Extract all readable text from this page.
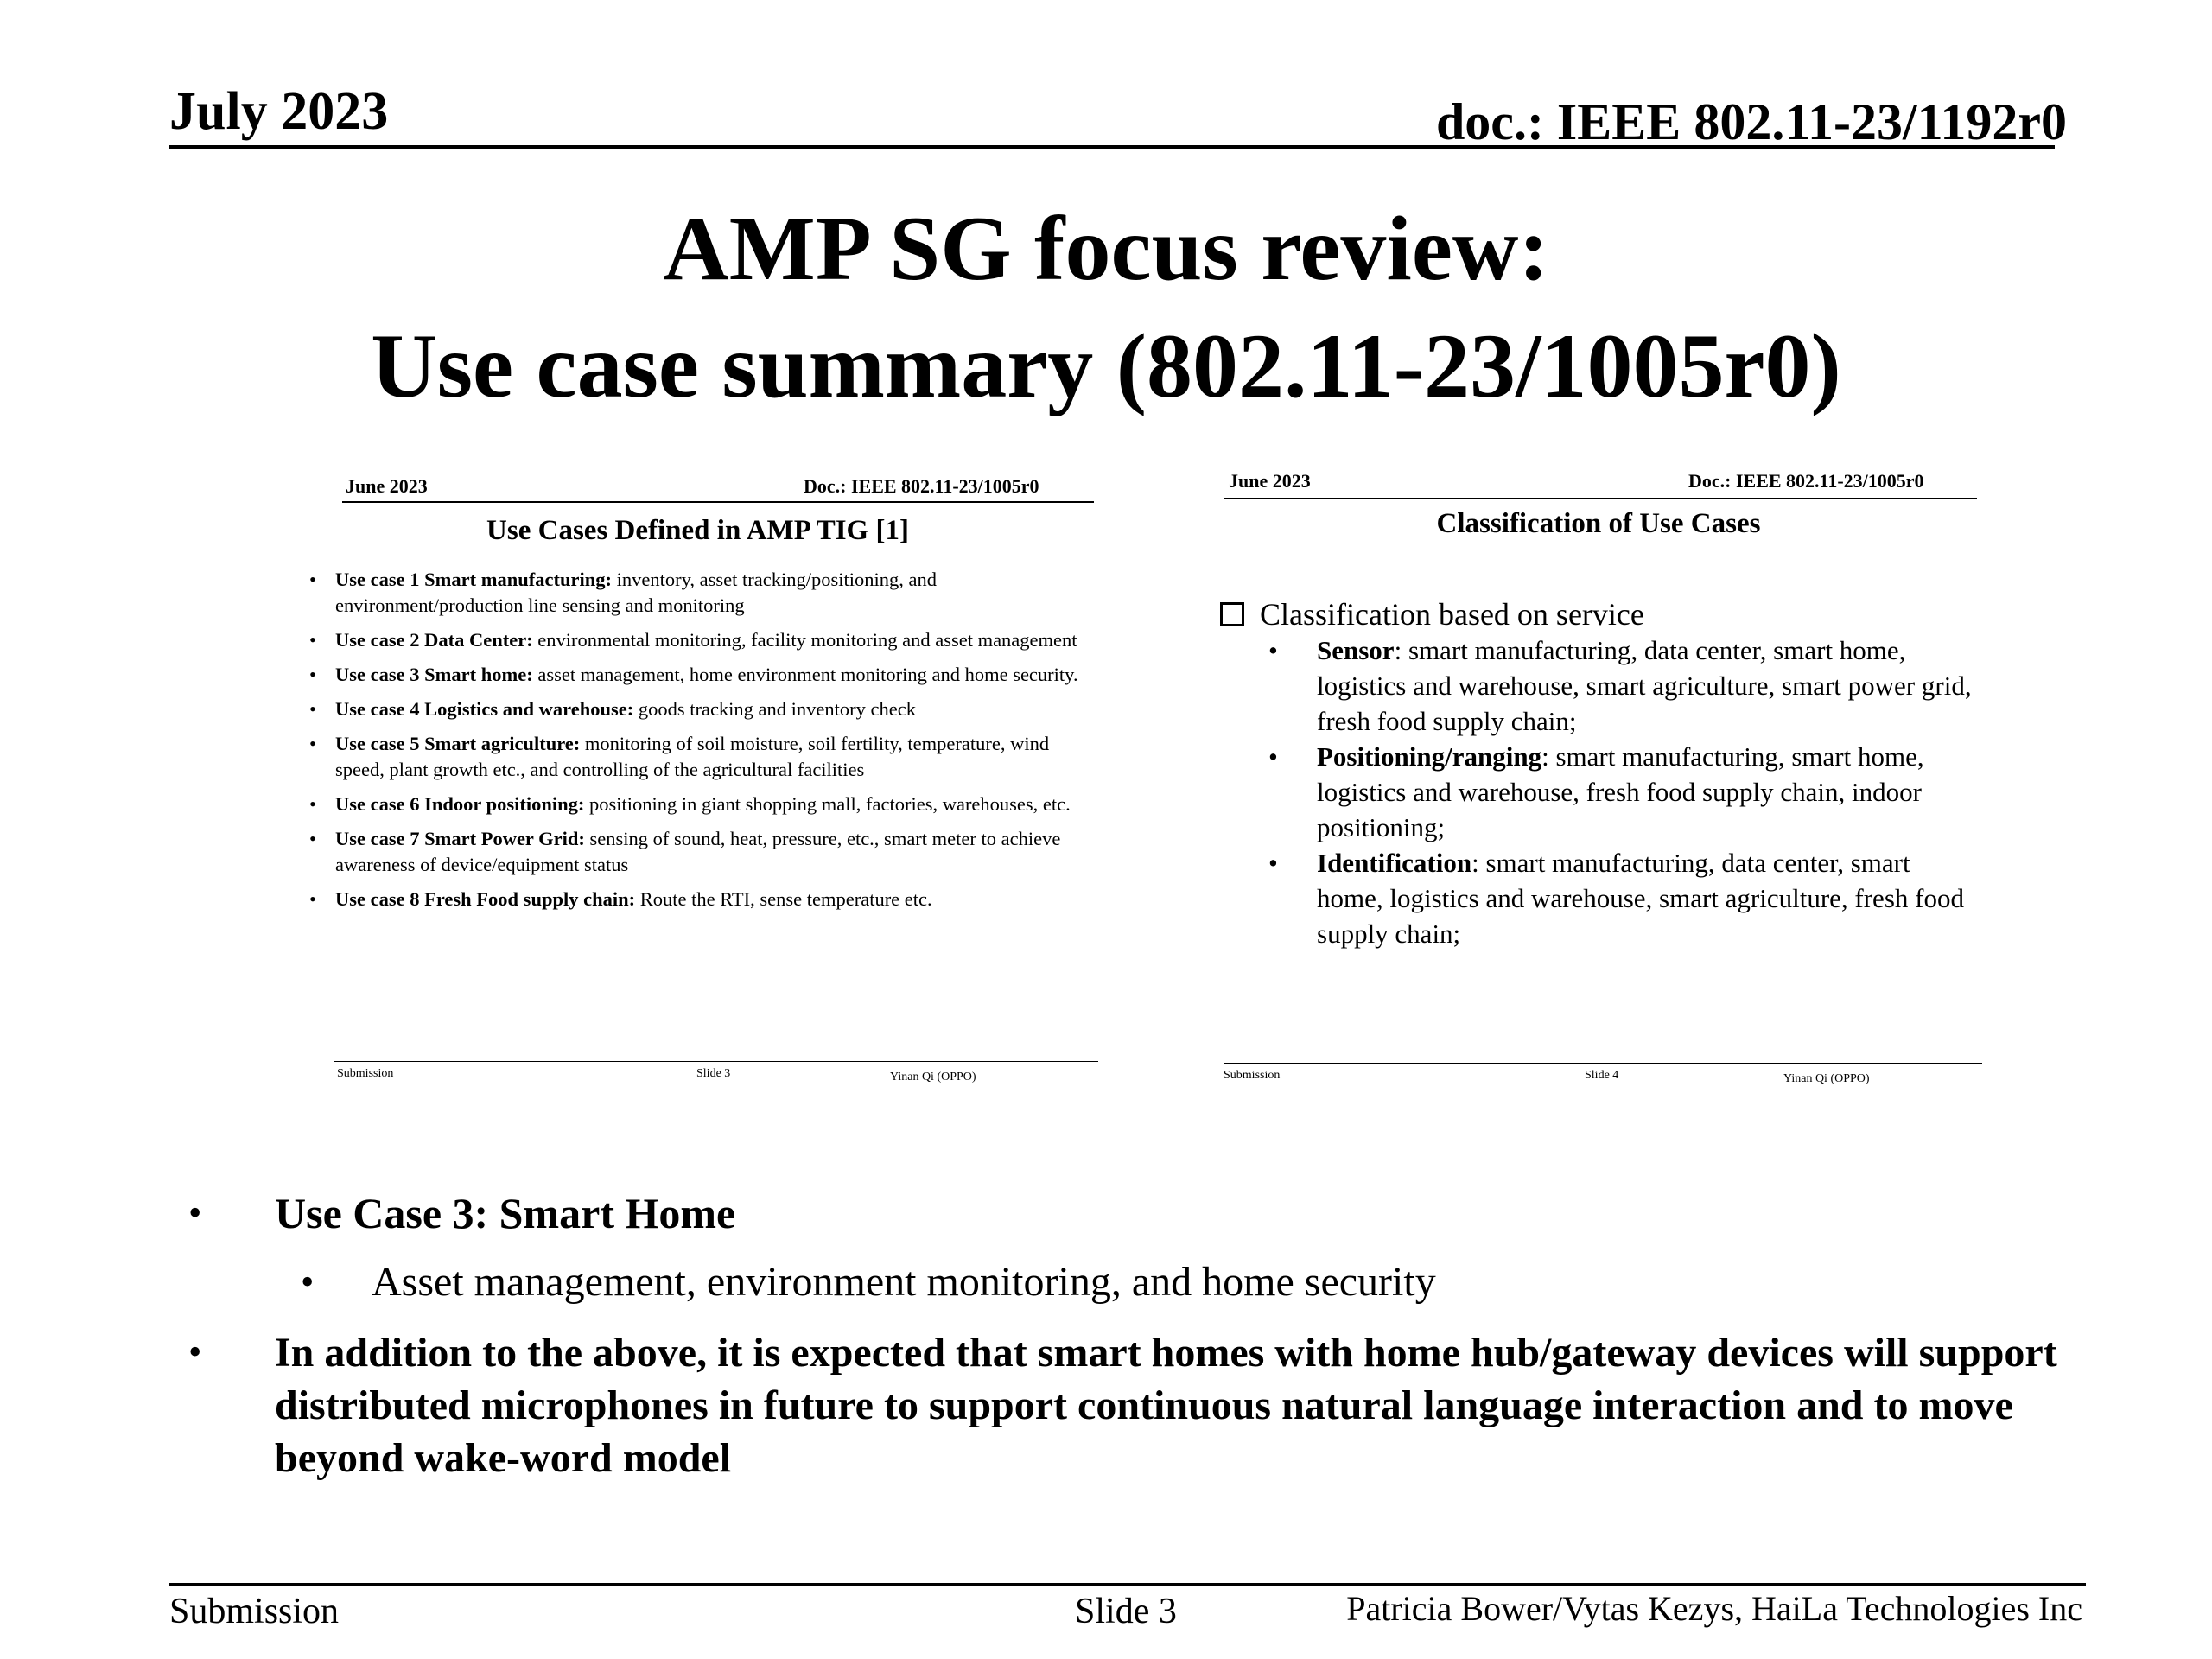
July 2023	doc.: IEEE 802.11-23/1192r0
AMP SG focus review:
Use case summary (802.11-23/1005r0)
June 2023	Doc.: IEEE 802.11-23/1005r0
Use Cases Defined in AMP TIG [1]
• Use case 1 Smart manufacturing: inventory, asset tracking/positioning, and environment/production line sensing and monitoring
• Use case 2 Data Center: environmental monitoring, facility monitoring and asset management
• Use case 3 Smart home: asset management, home environment monitoring and home security.
• Use case 4 Logistics and warehouse: goods tracking and inventory check
• Use case 5 Smart agriculture: monitoring of soil moisture, soil fertility, temperature, wind speed, plant growth etc., and controlling of the agricultural facilities
• Use case 6 Indoor positioning: positioning in giant shopping mall, factories, warehouses, etc.
• Use case 7 Smart Power Grid: sensing of sound, heat, pressure, etc., smart meter to achieve awareness of device/equipment status
• Use case 8 Fresh Food supply chain: Route the RTI, sense temperature etc.
Submission	Slide 3	Yinan Qi (OPPO)
June 2023	Doc.: IEEE 802.11-23/1005r0
Classification of Use Cases
Classification based on service
• Sensor: smart manufacturing, data center, smart home, logistics and warehouse, smart agriculture, smart power grid, fresh food supply chain;
• Positioning/ranging: smart manufacturing, smart home, logistics and warehouse, fresh food supply chain, indoor positioning;
• Identification: smart manufacturing, data center, smart home, logistics and warehouse, smart agriculture, fresh food supply chain;
Submission	Slide 4	Yinan Qi (OPPO)
• Use Case 3: Smart Home
• Asset management, environment monitoring, and home security
• In addition to the above, it is expected that smart homes with home hub/gateway devices will support distributed microphones in future to support continuous natural language interaction and to move beyond wake-word model
Submission	Slide 3	Patricia Bower/Vytas Kezys, HaiLa Technologies Inc
